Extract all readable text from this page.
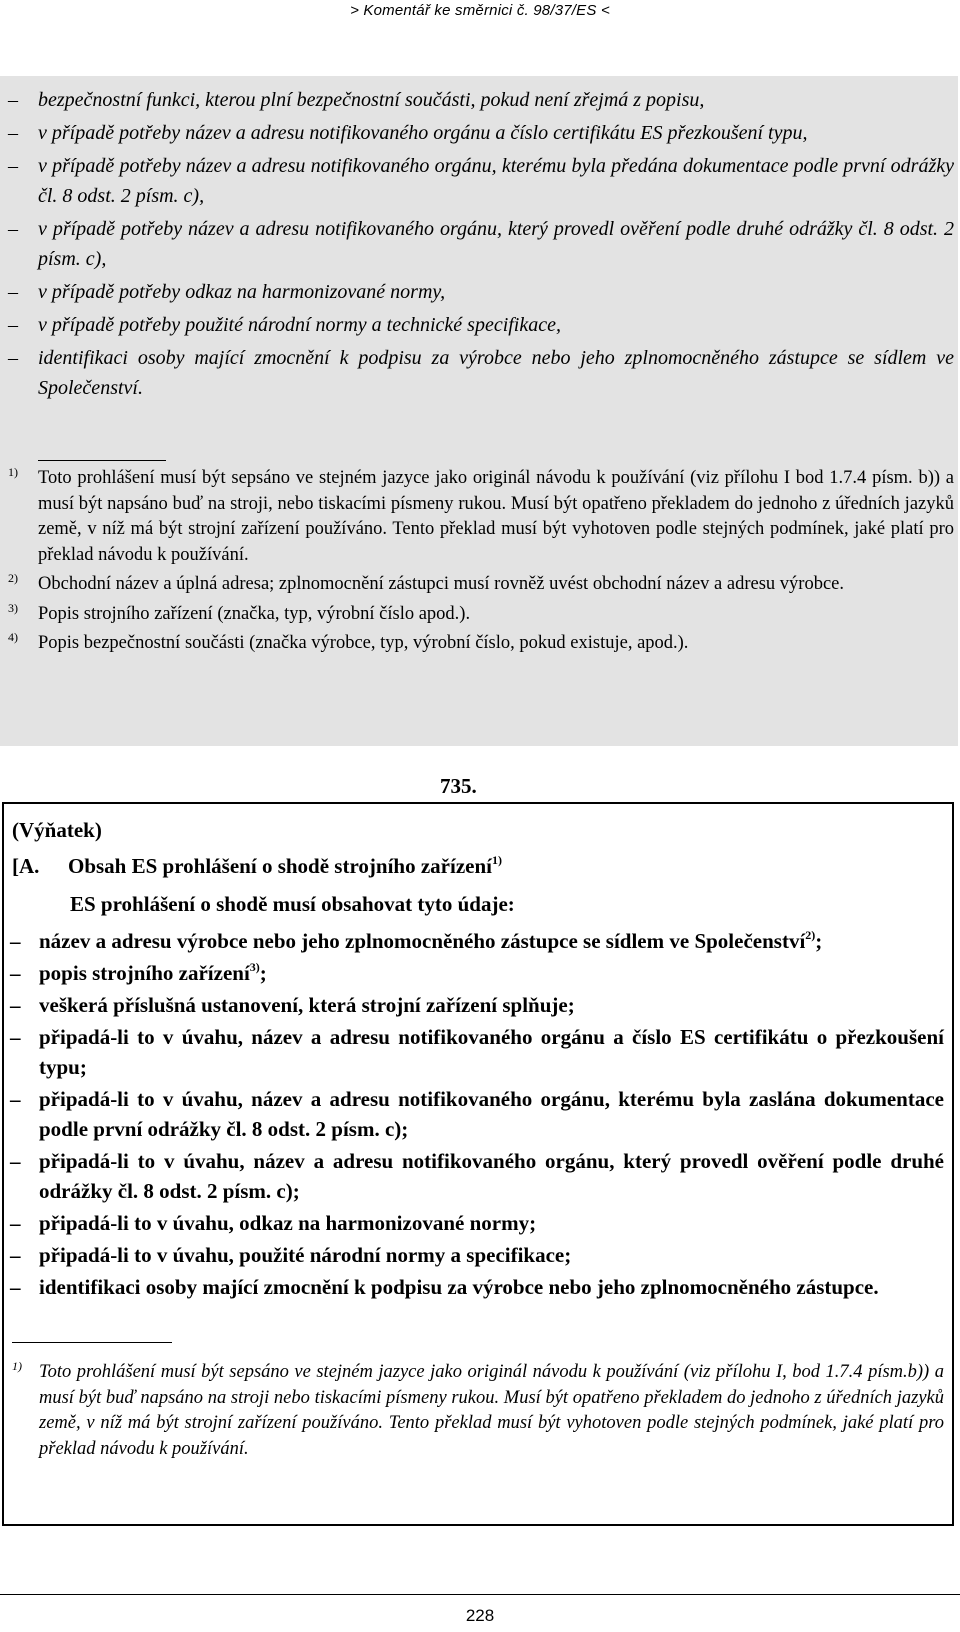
> Komentář ke směrnici č. 98/37/ES <
–	bezpečnostní funkci, kterou plní bezpečnostní součásti, pokud není zřejmá z popisu,
–	v případě potřeby název a adresu notifikovaného orgánu a číslo certifikátu ES přezkoušení typu,
–	v případě potřeby název a adresu notifikovaného orgánu, kterému byla předána dokumentace podle první odrážky čl. 8 odst. 2 písm. c),
–	v případě potřeby název a adresu notifikovaného orgánu, který provedl ověření podle druhé odrážky čl. 8 odst. 2 písm. c),
–	v případě potřeby odkaz na harmonizované normy,
–	v případě potřeby použité národní normy a technické specifikace,
–	identifikaci osoby mající zmocnění k podpisu za výrobce nebo jeho zplnomocněného zástupce se sídlem ve Společenství.
1) Toto prohlášení musí být sepsáno ve stejném jazyce jako originál návodu k používání (viz přílohu I bod 1.7.4 písm. b)) a musí být napsáno buď na stroji, nebo tiskacími písmeny rukou. Musí být opatřeno překladem do jednoho z úředních jazyků země, v níž má být strojní zařízení používáno. Tento překlad musí být vyhotoven podle stejných podmínek, jaké platí pro překlad návodu k používání.
2) Obchodní název a úplná adresa; zplnomocnění zástupci musí rovněž uvést obchodní název a adresu výrobce.
3) Popis strojního zařízení (značka, typ, výrobní číslo apod.).
4) Popis bezpečnostní součásti (značka výrobce, typ, výrobní číslo, pokud existuje, apod.).
735.
(Výňatek)
[A. Obsah ES prohlášení o shodě strojního zařízení$^{1)}$
ES prohlášení o shodě musí obsahovat tyto údaje:
– název a adresu výrobce nebo jeho zplnomocněného zástupce se sídlem ve Společenství$^{2)}$;
– popis strojního zařízení$^{3)}$;
– veškerá příslušná ustanovení, která strojní zařízení splňuje;
– připadá-li to v úvahu, název a adresu notifikovaného orgánu a číslo ES certifikátu o přezkoušení typu;
– připadá-li to v úvahu, název a adresu notifikovaného orgánu, kterému byla zaslána dokumentace podle první odrážky čl. 8 odst. 2 písm. c);
– připadá-li to v úvahu, název a adresu notifikovaného orgánu, který provedl ověření podle druhé odrážky čl. 8 odst. 2 písm. c);
– připadá-li to v úvahu, odkaz na harmonizované normy;
– připadá-li to v úvahu, použité národní normy a specifikace;
– identifikaci osoby mající zmocnění k podpisu za výrobce nebo jeho zplnomocněného zástupce.
1) Toto prohlášení musí být sepsáno ve stejném jazyce jako originál návodu k používání (viz přílohu I, bod 1.7.4 písm.b)) a musí být buď napsáno na stroji nebo tiskacími písmeny rukou. Musí být opatřeno překladem do jednoho z úředních jazyků země, v níž má být strojní zařízení používáno. Tento překlad musí být vyhotoven podle stejných podmínek, jaké platí pro překlad návodu k používání.
228
